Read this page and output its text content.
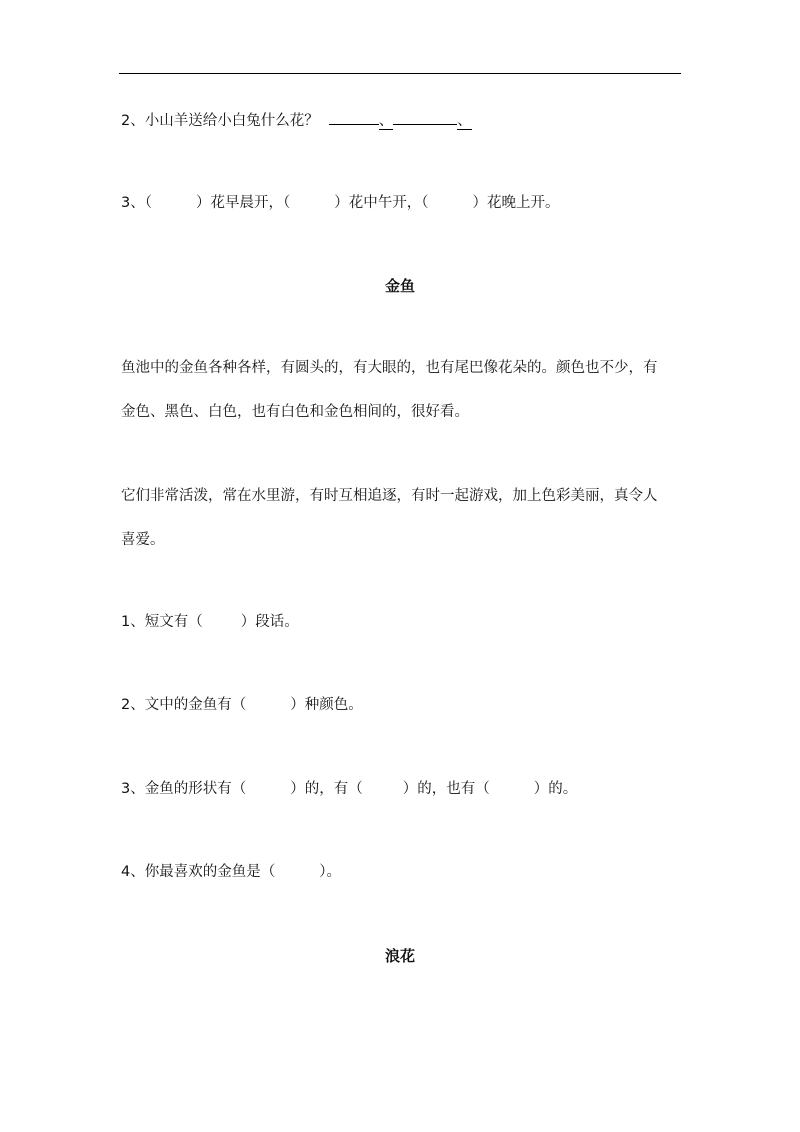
2、小山羊送给小白兔什么花？	、	、
3、（	）花早晨开，（	）花中午开，（	）花晚上开。
金鱼
鱼池中的金鱼各种各样，有圆头的，有大眼的，也有尾巴像花朵的。颜色也不少，有
金色、黑色、白色，也有白色和金色相间的，很好看。
它们非常活泼，常在水里游，有时互相追逐，有时一起游戏，加上色彩美丽，真令人
喜爱。
1、短文有（	）段话。
2、文中的金鱼有（	）种颜色。
3、金鱼的形状有（	）的，有（	）的，也有（	）的。
4、你最喜欢的金鱼是（	）。
浪花
